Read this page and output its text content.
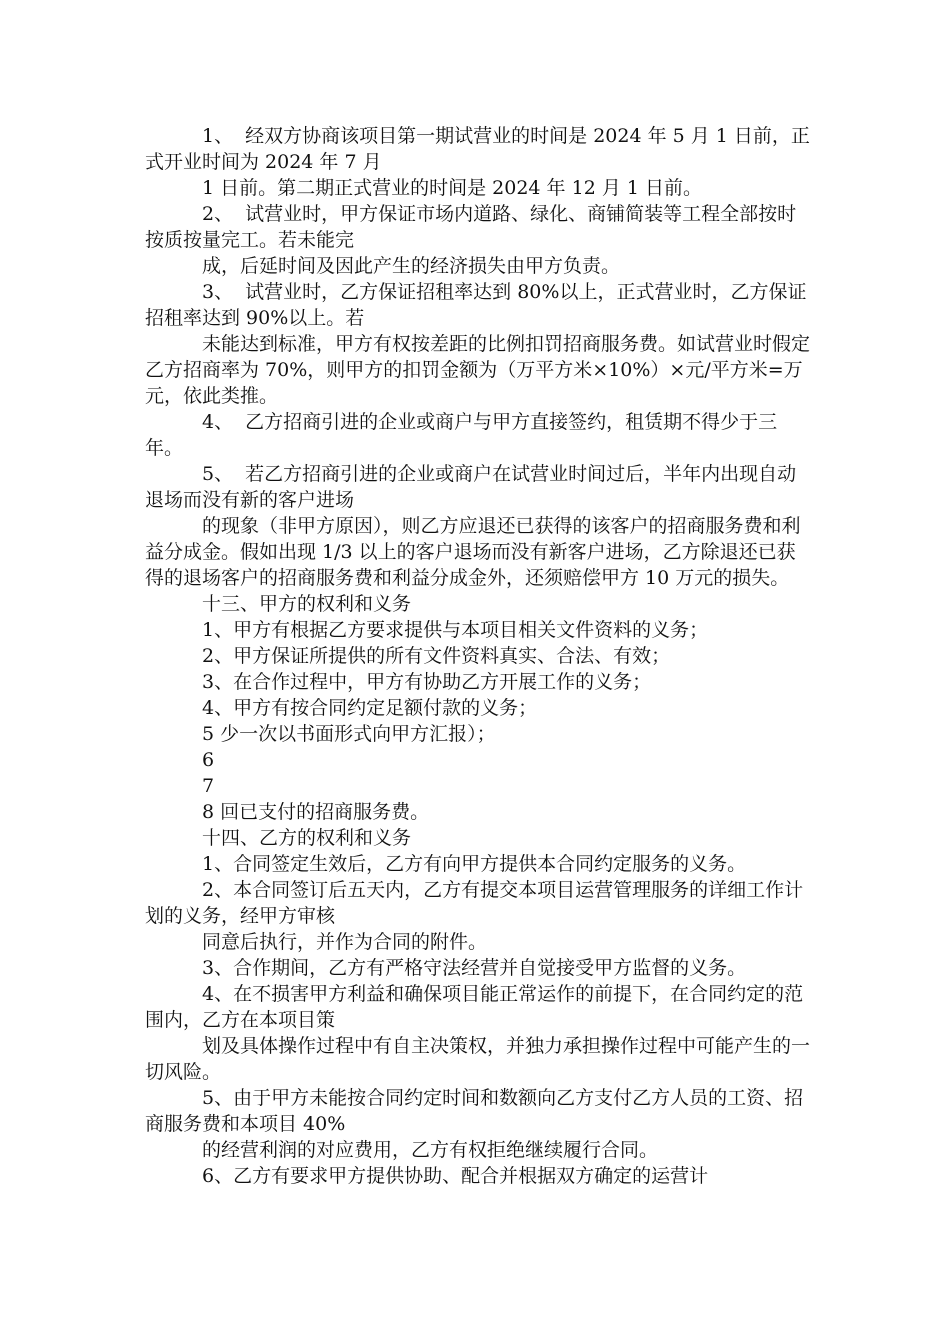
1、  经双方协商该项目第一期试营业的时间是 2024 年 5 月 1 日前，正式开业时间为 2024 年 7 月

1 日前。第二期正式营业的时间是 2024 年 12 月 1 日前。

2、  试营业时，甲方保证市场内道路、绿化、商铺简装等工程全部按时按质按量完工。若未能完

成，后延时间及因此产生的经济损失由甲方负责。

3、  试营业时，乙方保证招租率达到 80%以上，正式营业时，乙方保证招租率达到 90%以上。若

未能达到标准，甲方有权按差距的比例扣罚招商服务费。如试营业时假定乙方招商率为 70%，则甲方的扣罚金额为（万平方米×10%）×元/平方米=万元，依此类推。

4、  乙方招商引进的企业或商户与甲方直接签约，租赁期不得少于三年。

5、  若乙方招商引进的企业或商户在试营业时间过后，半年内出现自动退场而没有新的客户进场

的现象（非甲方原因），则乙方应退还已获得的该客户的招商服务费和利益分成金。假如出现 1/3 以上的客户退场而没有新客户进场，乙方除退还已获得的退场客户的招商服务费和利益分成金外，还须赔偿甲方 10 万元的损失。

十三、甲方的权利和义务

1、甲方有根据乙方要求提供与本项目相关文件资料的义务；

2、甲方保证所提供的所有文件资料真实、合法、有效；

3、在合作过程中，甲方有协助乙方开展工作的义务；

4、甲方有按合同约定足额付款的义务；

5 少一次以书面形式向甲方汇报）；

6

7

8 回已支付的招商服务费。

十四、乙方的权利和义务

1、合同签定生效后，乙方有向甲方提供本合同约定服务的义务。

2、本合同签订后五天内，乙方有提交本项目运营管理服务的详细工作计划的义务，经甲方审核

同意后执行，并作为合同的附件。

3、合作期间，乙方有严格守法经营并自觉接受甲方监督的义务。

4、在不损害甲方利益和确保项目能正常运作的前提下，在合同约定的范围内，乙方在本项目策

划及具体操作过程中有自主决策权，并独力承担操作过程中可能产生的一切风险。

5、由于甲方未能按合同约定时间和数额向乙方支付乙方人员的工资、招商服务费和本项目 40%

的经营利润的对应费用，乙方有权拒绝继续履行合同。

6、乙方有要求甲方提供协助、配合并根据双方确定的运营计
